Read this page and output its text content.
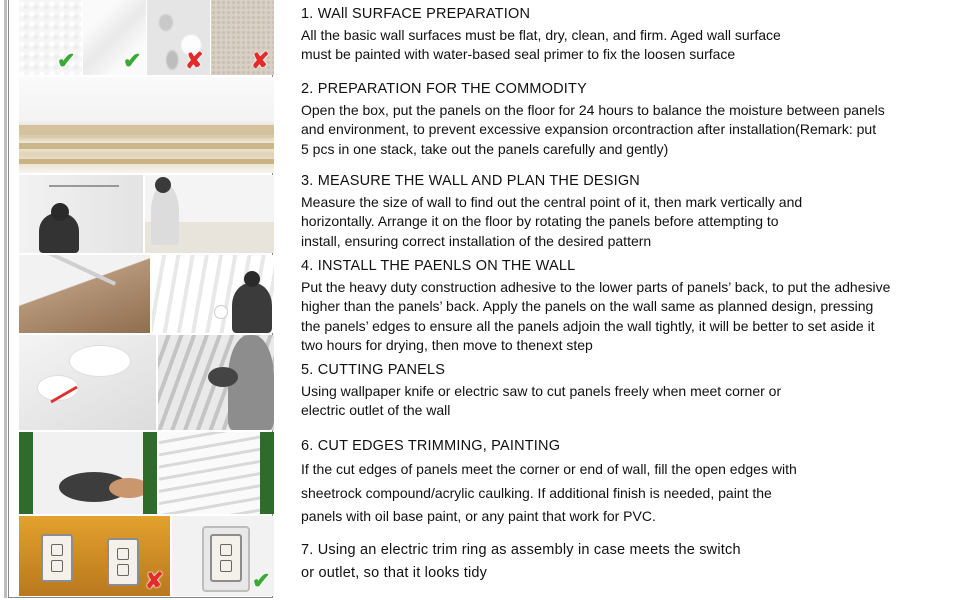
✔ ✔ ✘ ✘
✘	✔
1. WAll SURFACE PREPARATION
All the basic wall surfaces must be flat, dry, clean, and firm. Aged wall surface
must be painted with water-based seal primer to fix the loosen surface
2. PREPARATION FOR THE COMMODITY
Open the box, put the panels on the floor for 24 hours to balance the moisture between panels
and environment, to prevent excessive expansion orcontraction after installation(Remark: put
5 pcs in one stack, take out the panels carefully and gently)
3. MEASURE THE WALL AND PLAN THE DESIGN
Measure the size of wall to find out the central point of it, then mark vertically and
horizontally. Arrange it on the floor by rotating the panels before attempting to
install, ensuring correct installation of the desired pattern
4. INSTALL THE PAENLS ON THE WALL
Put the heavy duty construction adhesive to the lower parts of panels’ back, to put the adhesive
higher than the panels’ back. Apply the panels on the wall same as planned design, pressing
the panels’ edges to ensure all the panels adjoin the wall tightly, it will be better to set aside it
two hours for drying, then move to thenext step
5. CUTTING PANELS
Using wallpaper knife or electric saw to cut panels freely when meet corner or
electric outlet of the wall
6. CUT EDGES TRIMMING, PAINTING
If the cut edges of panels meet the corner or end of wall, fill the open edges with
sheetrock compound/acrylic caulking. If additional finish is needed, paint the
panels with oil base paint, or any paint that work for PVC.
7. Using an electric trim ring as assembly in case meets the switch
or outlet, so that it looks tidy
